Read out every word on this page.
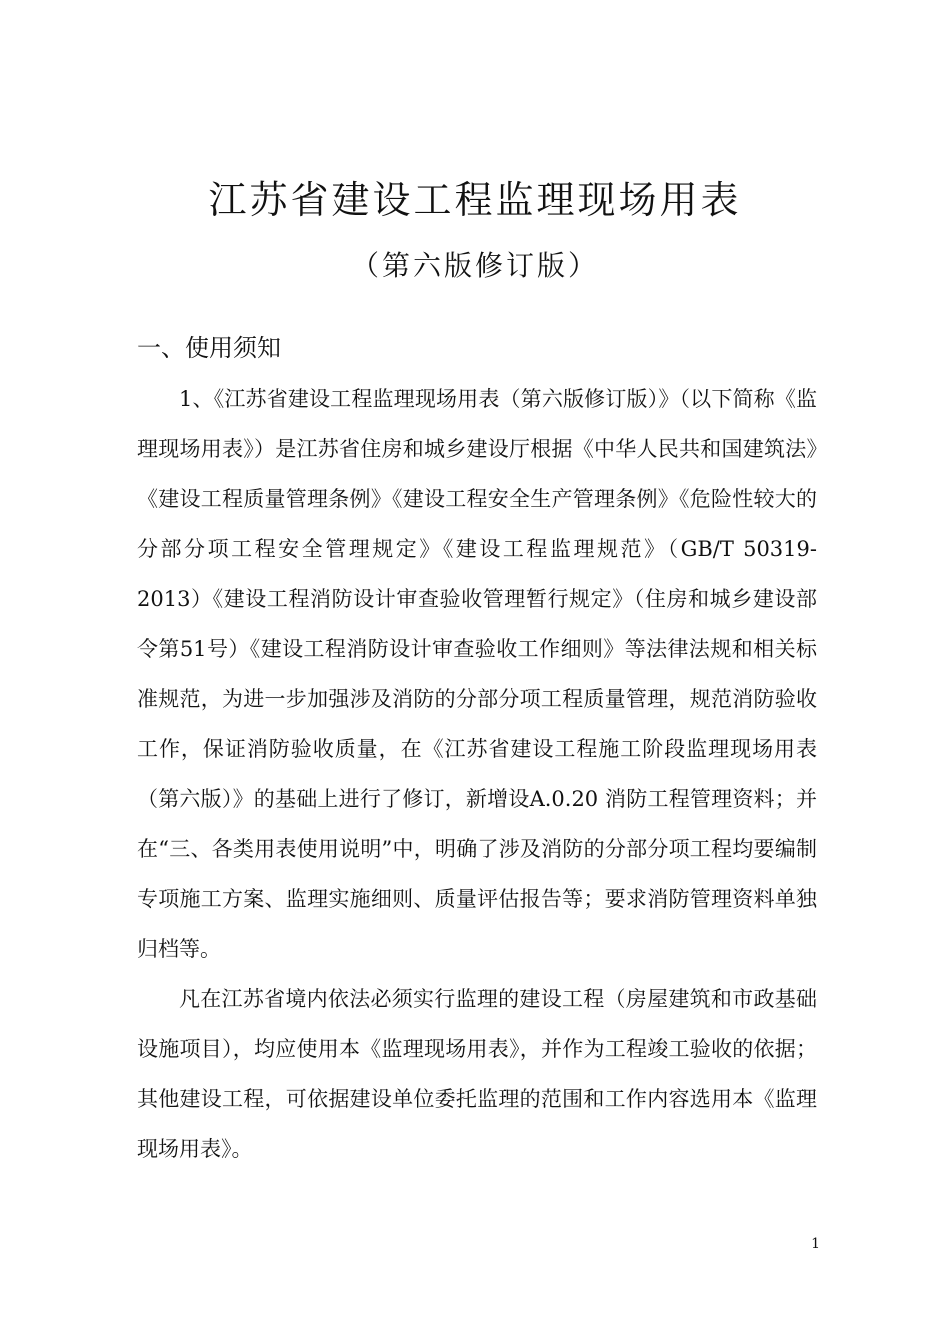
江苏省建设工程监理现场用表
（第六版修订版）
一、使用须知

1、《江苏省建设工程监理现场用表（第六版修订版）》（以下简称《监理现场用表》）是江苏省住房和城乡建设厅根据《中华人民共和国建筑法》《建设工程质量管理条例》《建设工程安全生产管理条例》《危险性较大的分部分项工程安全管理规定》《建设工程监理规范》（GB/T 50319-2013）《建设工程消防设计审查验收管理暂行规定》（住房和城乡建设部令第51号）《建设工程消防设计审查验收工作细则》等法律法规和相关标准规范，为进一步加强涉及消防的分部分项工程质量管理，规范消防验收工作，保证消防验收质量，在《江苏省建设工程施工阶段监理现场用表（第六版）》的基础上进行了修订，新增设A.0.20 消防工程管理资料；并在“三、各类用表使用说明”中，明确了涉及消防的分部分项工程均要编制专项施工方案、监理实施细则、质量评估报告等；要求消防管理资料单独归档等。

凡在江苏省境内依法必须实行监理的建设工程（房屋建筑和市政基础设施项目），均应使用本《监理现场用表》，并作为工程竣工验收的依据；其他建设工程，可依据建设单位委托监理的范围和工作内容选用本《监理现场用表》。

1
